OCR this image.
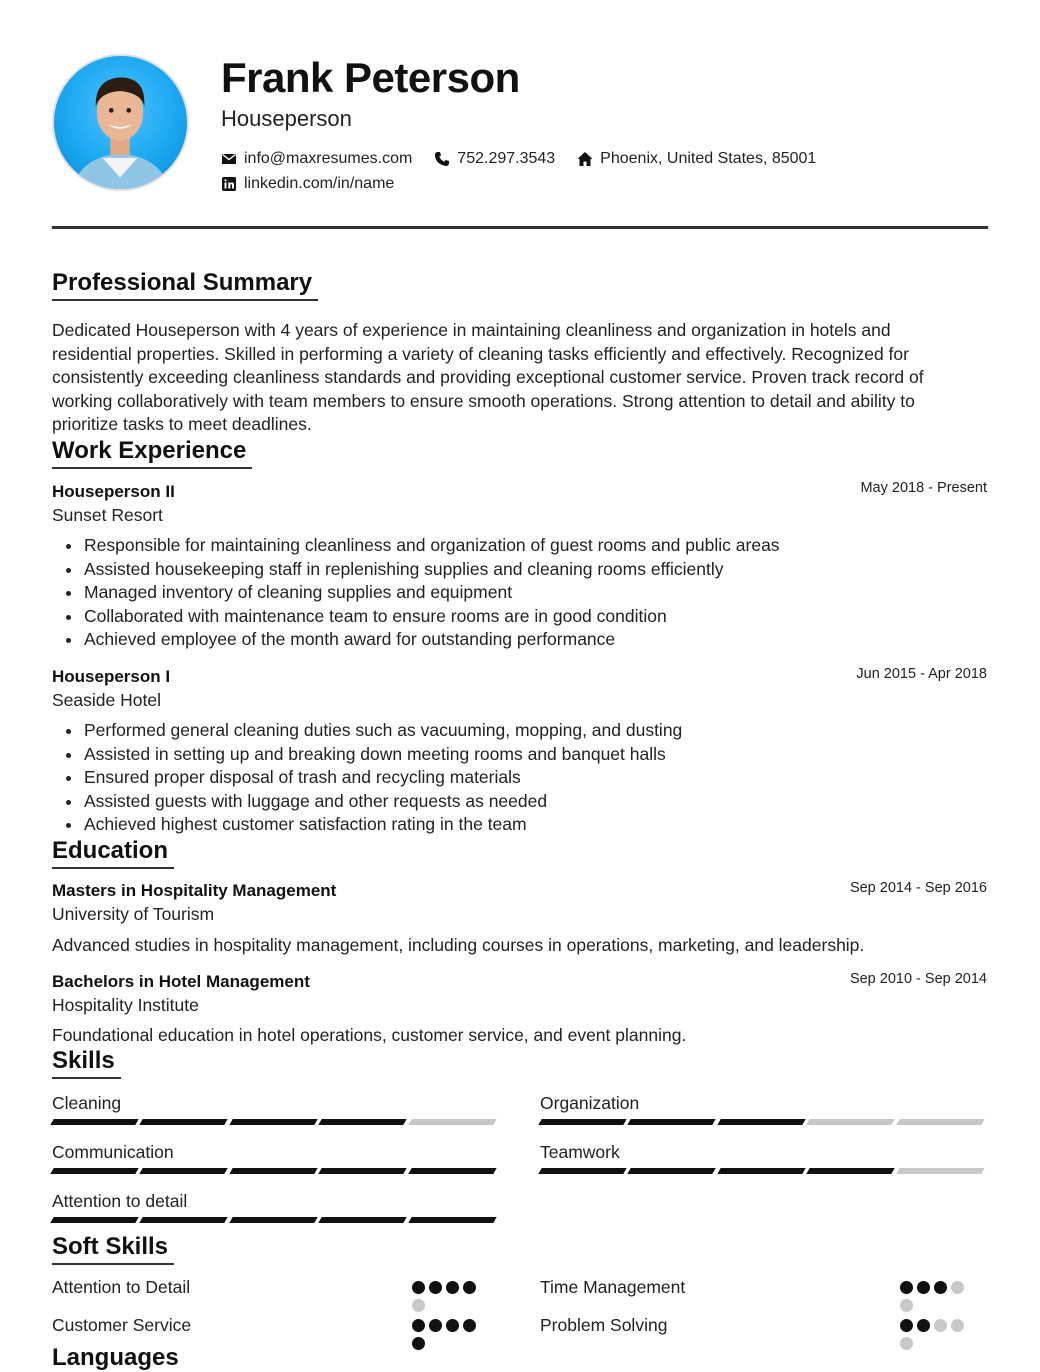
Frank Peterson
Houseperson
info@maxresumes.com	752.297.3543	Phoenix, United States, 85001
linkedin.com/in/name
Professional Summary
Dedicated Houseperson with 4 years of experience in maintaining cleanliness and organization in hotels and residential properties. Skilled in performing a variety of cleaning tasks efficiently and effectively. Recognized for consistently exceeding cleanliness standards and providing exceptional customer service. Proven track record of working collaboratively with team members to ensure smooth operations. Strong attention to detail and ability to prioritize tasks to meet deadlines.
Work Experience
Houseperson II	May 2018 - Present
Sunset Resort
Responsible for maintaining cleanliness and organization of guest rooms and public areas
Assisted housekeeping staff in replenishing supplies and cleaning rooms efficiently
Managed inventory of cleaning supplies and equipment
Collaborated with maintenance team to ensure rooms are in good condition
Achieved employee of the month award for outstanding performance
Houseperson I	Jun 2015 - Apr 2018
Seaside Hotel
Performed general cleaning duties such as vacuuming, mopping, and dusting
Assisted in setting up and breaking down meeting rooms and banquet halls
Ensured proper disposal of trash and recycling materials
Assisted guests with luggage and other requests as needed
Achieved highest customer satisfaction rating in the team
Education
Masters in Hospitality Management	Sep 2014 - Sep 2016
University of Tourism
Advanced studies in hospitality management, including courses in operations, marketing, and leadership.
Bachelors in Hotel Management	Sep 2010 - Sep 2014
Hospitality Institute
Foundational education in hotel operations, customer service, and event planning.
Skills
Cleaning	Organization
Communication	Teamwork
Attention to detail
Soft Skills
Attention to Detail	Time Management
Customer Service	Problem Solving
Languages
